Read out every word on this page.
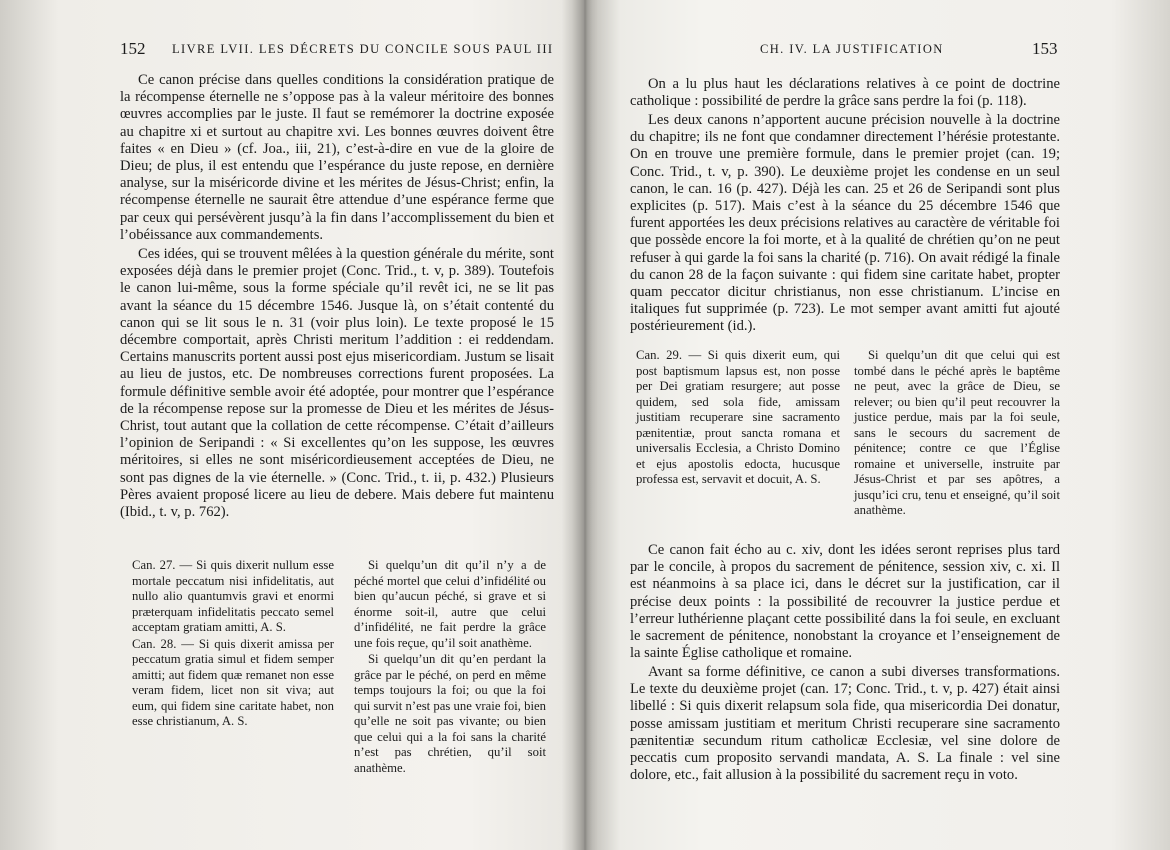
152 LIVRE LVII. LES DÉCRETS DU CONCILE SOUS PAUL III

Ce canon précise dans quelles conditions la considération pratique de la récompense éternelle ne s’oppose pas à la valeur méritoire des bonnes œuvres accomplies par le juste. Il faut se remémorer la doctrine exposée au chapitre xi et surtout au chapitre xvi. Les bonnes œuvres doivent être faites « en Dieu » (cf. Joa., iii, 21), c’est-à-dire en vue de la gloire de Dieu; de plus, il est entendu que l’espérance du juste repose, en dernière analyse, sur la miséricorde divine et les mérites de Jésus-Christ; enfin, la récompense éternelle ne saurait être attendue d’une espérance ferme que par ceux qui persévèrent jusqu’à la fin dans l’accomplissement du bien et l’obéissance aux commandements.

Ces idées, qui se trouvent mêlées à la question générale du mérite, sont exposées déjà dans le premier projet (Conc. Trid., t. v, p. 389). Toutefois le canon lui-même, sous la forme spéciale qu’il revêt ici, ne se lit pas avant la séance du 15 décembre 1546. Jusque là, on s’était contenté du canon qui se lit sous le n. 31 (voir plus loin). Le texte proposé le 15 décembre comportait, après Christi meritum l’addition : ei reddendam. Certains manuscrits portent aussi post ejus misericordiam. Justum se lisait au lieu de justos, etc. De nombreuses corrections furent proposées. La formule définitive semble avoir été adoptée, pour montrer que l’espérance de la récompense repose sur la promesse de Dieu et les mérites de Jésus-Christ, tout autant que la collation de cette récompense. C’était d’ailleurs l’opinion de Seripandi : « Si excellentes qu’on les suppose, les œuvres méritoires, si elles ne sont miséricordieusement acceptées de Dieu, ne sont pas dignes de la vie éternelle. » (Conc. Trid., t. ii, p. 432.) Plusieurs Pères avaient proposé licere au lieu de debere. Mais debere fut maintenu (Ibid., t. v, p. 762).

Can. 27. — Si quis dixerit nullum esse mortale peccatum nisi infidelitatis, aut nullo alio quantumvis gravi et enormi præterquam infidelitatis peccato semel acceptam gratiam amitti, A. S.

Can. 28. — Si quis dixerit amissa per peccatum gratia simul et fidem semper amitti; aut fidem quæ remanet non esse veram fidem, licet non sit viva; aut eum, qui fidem sine caritate habet, non esse christianum, A. S.

Si quelqu’un dit qu’il n’y a de péché mortel que celui d’infidélité ou bien qu’aucun péché, si grave et si énorme soit-il, autre que celui d’infidélité, ne fait perdre la grâce une fois reçue, qu’il soit anathème.

Si quelqu’un dit qu’en perdant la grâce par le péché, on perd en même temps toujours la foi; ou que la foi qui survit n’est pas une vraie foi, bien qu’elle ne soit pas vivante; ou bien que celui qui a la foi sans la charité n’est pas chrétien, qu’il soit anathème.

CH. IV. LA JUSTIFICATION	153

On a lu plus haut les déclarations relatives à ce point de doctrine catholique : possibilité de perdre la grâce sans perdre la foi (p. 118).

Les deux canons n’apportent aucune précision nouvelle à la doctrine du chapitre; ils ne font que condamner directement l’hérésie protestante. On en trouve une première formule, dans le premier projet (can. 19; Conc. Trid., t. v, p. 390). Le deuxième projet les condense en un seul canon, le can. 16 (p. 427). Déjà les can. 25 et 26 de Seripandi sont plus explicites (p. 517). Mais c’est à la séance du 25 décembre 1546 que furent apportées les deux précisions relatives au caractère de véritable foi que possède encore la foi morte, et à la qualité de chrétien qu’on ne peut refuser à qui garde la foi sans la charité (p. 716). On avait rédigé la finale du canon 28 de la façon suivante : qui fidem sine caritate habet, propter quam peccator dicitur christianus, non esse christianum. L’incise en italiques fut supprimée (p. 723). Le mot semper avant amitti fut ajouté postérieurement (id.).

Can. 29. — Si quis dixerit eum, qui post baptismum lapsus est, non posse per Dei gratiam resurgere; aut posse quidem, sed sola fide, amissam justitiam recuperare sine sacramento pænitentiæ, prout sancta romana et universalis Ecclesia, a Christo Domino et ejus apostolis edocta, hucusque professa est, servavit et docuit, A. S.

Si quelqu’un dit que celui qui est tombé dans le péché après le baptême ne peut, avec la grâce de Dieu, se relever; ou bien qu’il peut recouvrer la justice perdue, mais par la foi seule, sans le secours du sacrement de pénitence; contre ce que l’Église romaine et universelle, instruite par Jésus-Christ et par ses apôtres, a jusqu’ici cru, tenu et enseigné, qu’il soit anathème.

Ce canon fait écho au c. xiv, dont les idées seront reprises plus tard par le concile, à propos du sacrement de pénitence, session xiv, c. xi. Il est néanmoins à sa place ici, dans le décret sur la justification, car il précise deux points : la possibilité de recouvrer la justice perdue et l’erreur luthérienne plaçant cette possibilité dans la foi seule, en excluant le sacrement de pénitence, nonobstant la croyance et l’enseignement de la sainte Église catholique et romaine.

Avant sa forme définitive, ce canon a subi diverses transformations. Le texte du deuxième projet (can. 17; Conc. Trid., t. v, p. 427) était ainsi libellé : Si quis dixerit relapsum sola fide, qua misericordia Dei donatur, posse amissam justitiam et meritum Christi recuperare sine sacramento pænitentiæ secundum ritum catholicæ Ecclesiæ, vel sine dolore de peccatis cum proposito servandi mandata, A. S. La finale : vel sine dolore, etc., fait allusion à la possibilité du sacrement reçu in voto.
